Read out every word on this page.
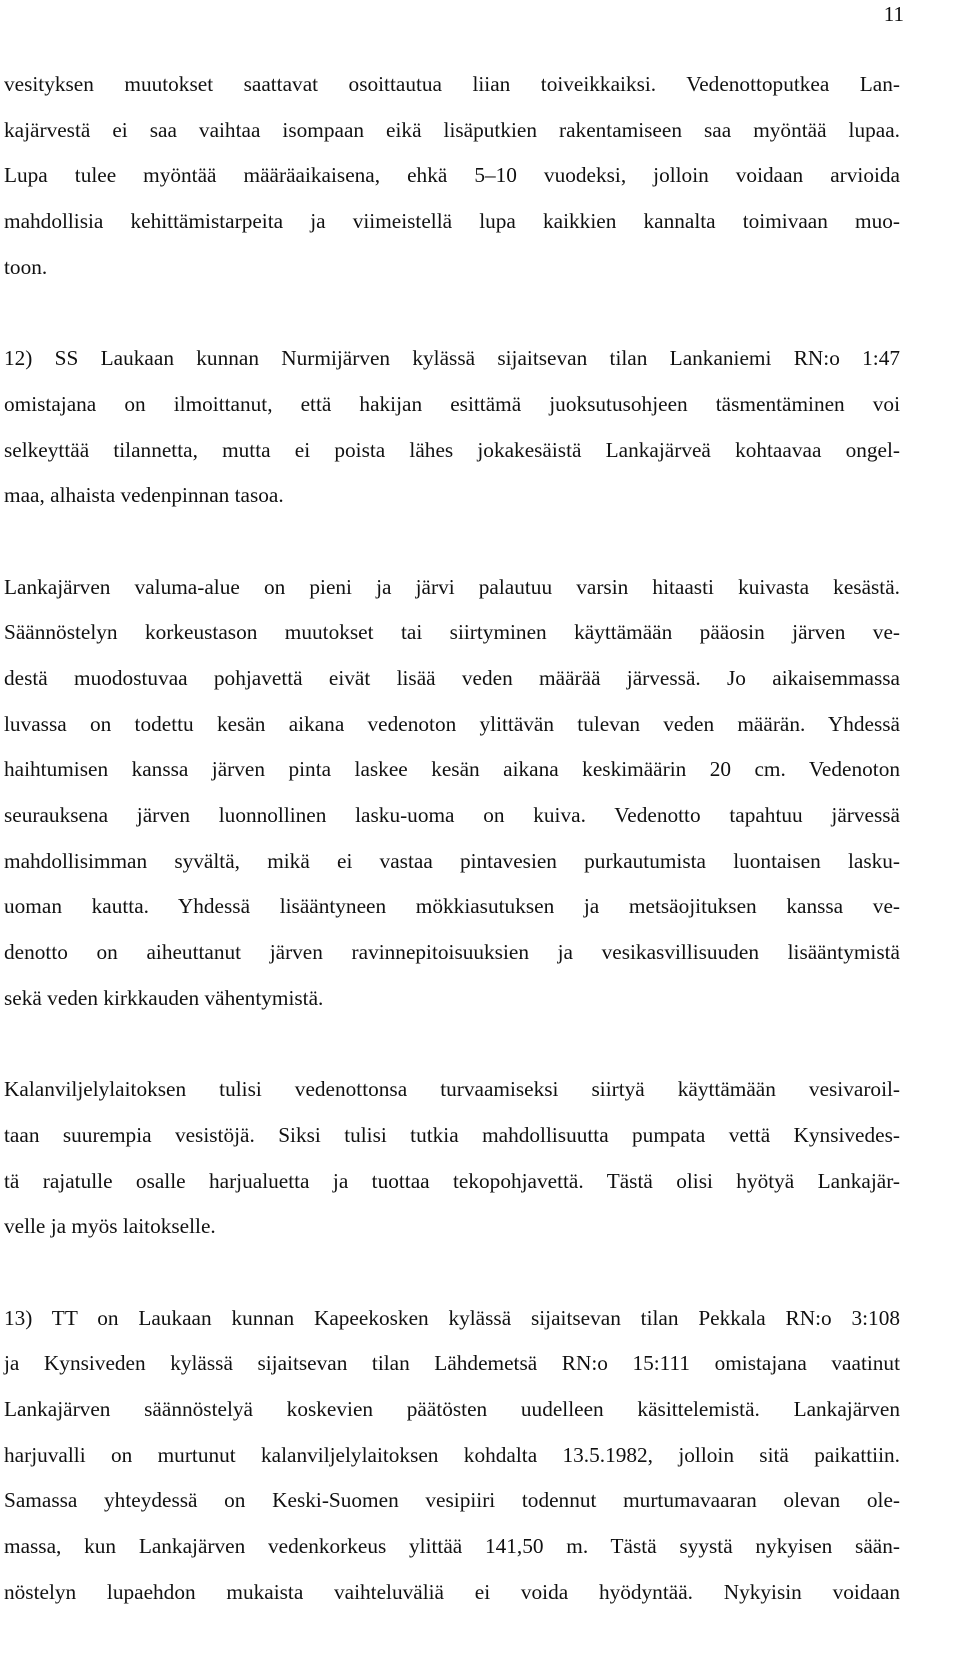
11
vesityksen muutokset saattavat osoittautua liian toiveikkaiksi. Vedenottoputkea Lan-
kajärvestä ei saa vaihtaa isompaan eikä lisäputkien rakentamiseen saa myöntää lupaa.
Lupa tulee myöntää määräaikaisena, ehkä 5–10 vuodeksi, jolloin voidaan arvioida
mahdollisia kehittämistarpeita ja viimeistellä lupa kaikkien kannalta toimivaan muo-
toon.
12) SS Laukaan kunnan Nurmijärven kylässä sijaitsevan tilan Lankaniemi RN:o 1:47
omistajana on ilmoittanut, että hakijan esittämä juoksutusohjeen täsmentäminen voi
selkeyttää tilannetta, mutta ei poista lähes jokakesäistä Lankajärveä kohtaavaa ongel-
maa, alhaista vedenpinnan tasoa.
Lankajärven valuma-alue on pieni ja järvi palautuu varsin hitaasti kuivasta kesästä.
Säännöstelyn korkeustason muutokset tai siirtyminen käyttämään pääosin järven ve-
destä muodostuvaa pohjavettä eivät lisää veden määrää järvessä. Jo aikaisemmassa
luvassa on todettu kesän aikana vedenoton ylittävän tulevan veden määrän. Yhdessä
haihtumisen kanssa järven pinta laskee kesän aikana keskimäärin 20 cm. Vedenoton
seurauksena järven luonnollinen lasku-uoma on kuiva. Vedenotto tapahtuu järvessä
mahdollisimman syvältä, mikä ei vastaa pintavesien purkautumista luontaisen lasku-
uoman kautta. Yhdessä lisääntyneen mökkiasutuksen ja metsäojituksen kanssa ve-
denotto on aiheuttanut järven ravinnepitoisuuksien ja vesikasvillisuuden lisääntymistä
sekä veden kirkkauden vähentymistä.
Kalanviljelylaitoksen tulisi vedenottonsa turvaamiseksi siirtyä käyttämään vesivaroil-
taan suurempia vesistöjä. Siksi tulisi tutkia mahdollisuutta pumpata vettä Kynsivedes-
tä rajatulle osalle harjualuetta ja tuottaa tekopohjavettä. Tästä olisi hyötyä Lankajär-
velle ja myös laitokselle.
13) TT on Laukaan kunnan Kapeekosken kylässä sijaitsevan tilan Pekkala RN:o 3:108
ja Kynsiveden kylässä sijaitsevan tilan Lähdemetsä RN:o 15:111 omistajana vaatinut
Lankajärven säännöstelyä koskevien päätösten uudelleen käsittelemistä. Lankajärven
harjuvalli on murtunut kalanviljelylaitoksen kohdalta 13.5.1982, jolloin sitä paikattiin.
Samassa yhteydessä on Keski-Suomen vesipiiri todennut murtumavaaran olevan ole-
massa, kun Lankajärven vedenkorkeus ylittää 141,50 m. Tästä syystä nykyisen sään-
nöstelyn lupaehdon mukaista vaihteluväliä ei voida hyödyntää. Nykyisin voidaan
